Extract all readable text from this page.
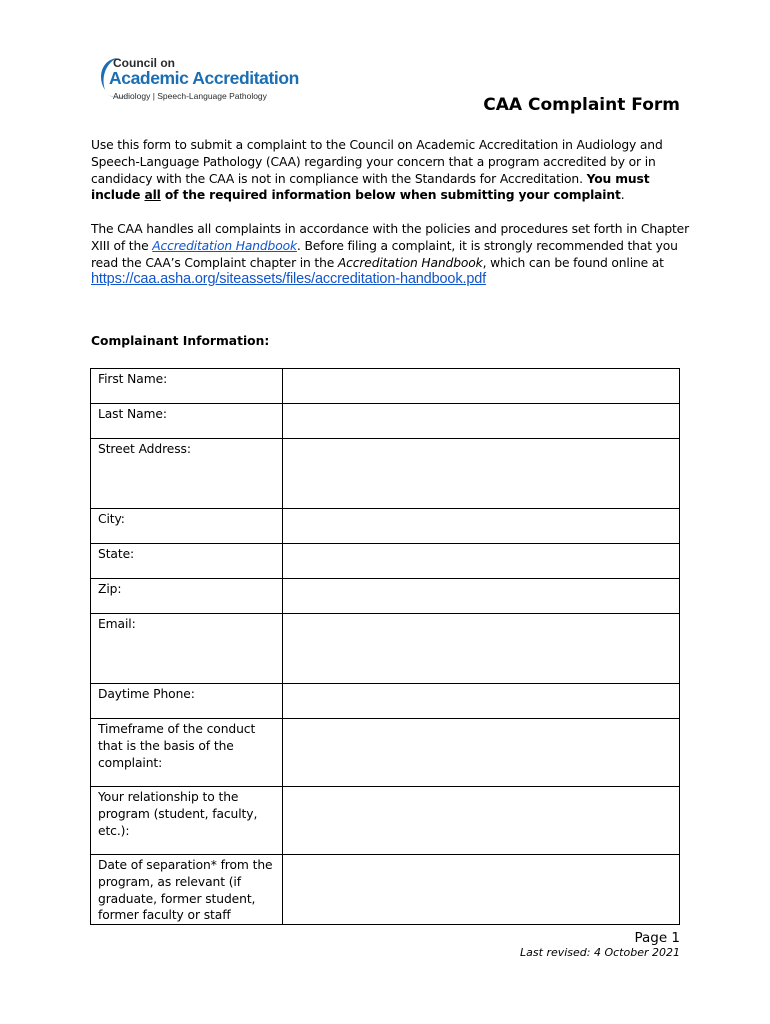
Council on
Academic Accreditation
Audiology | Speech-Language Pathology	CAA Complaint Form
Use this form to submit a complaint to the Council on Academic Accreditation in Audiology and Speech-Language Pathology (CAA) regarding your concern that a program accredited by or in candidacy with the CAA is not in compliance with the Standards for Accreditation. You must include all of the required information below when submitting your complaint.
The CAA handles all complaints in accordance with the policies and procedures set forth in Chapter XIII of the Accreditation Handbook. Before filing a complaint, it is strongly recommended that you read the CAA’s Complaint chapter in the Accreditation Handbook, which can be found online at https://caa.asha.org/siteassets/files/accreditation-handbook.pdf
Complainant Information:
First Name:	
Last Name:	
Street Address:	
City:	
State:	
Zip:	
Email:	
Daytime Phone:	
Timeframe of the conduct that is the basis of the complaint:	
Your relationship to the program (student, faculty, etc.):	
Date of separation* from the program, as relevant (if graduate, former student, former faculty or staff	
Page 1
Last revised: 4 October 2021
